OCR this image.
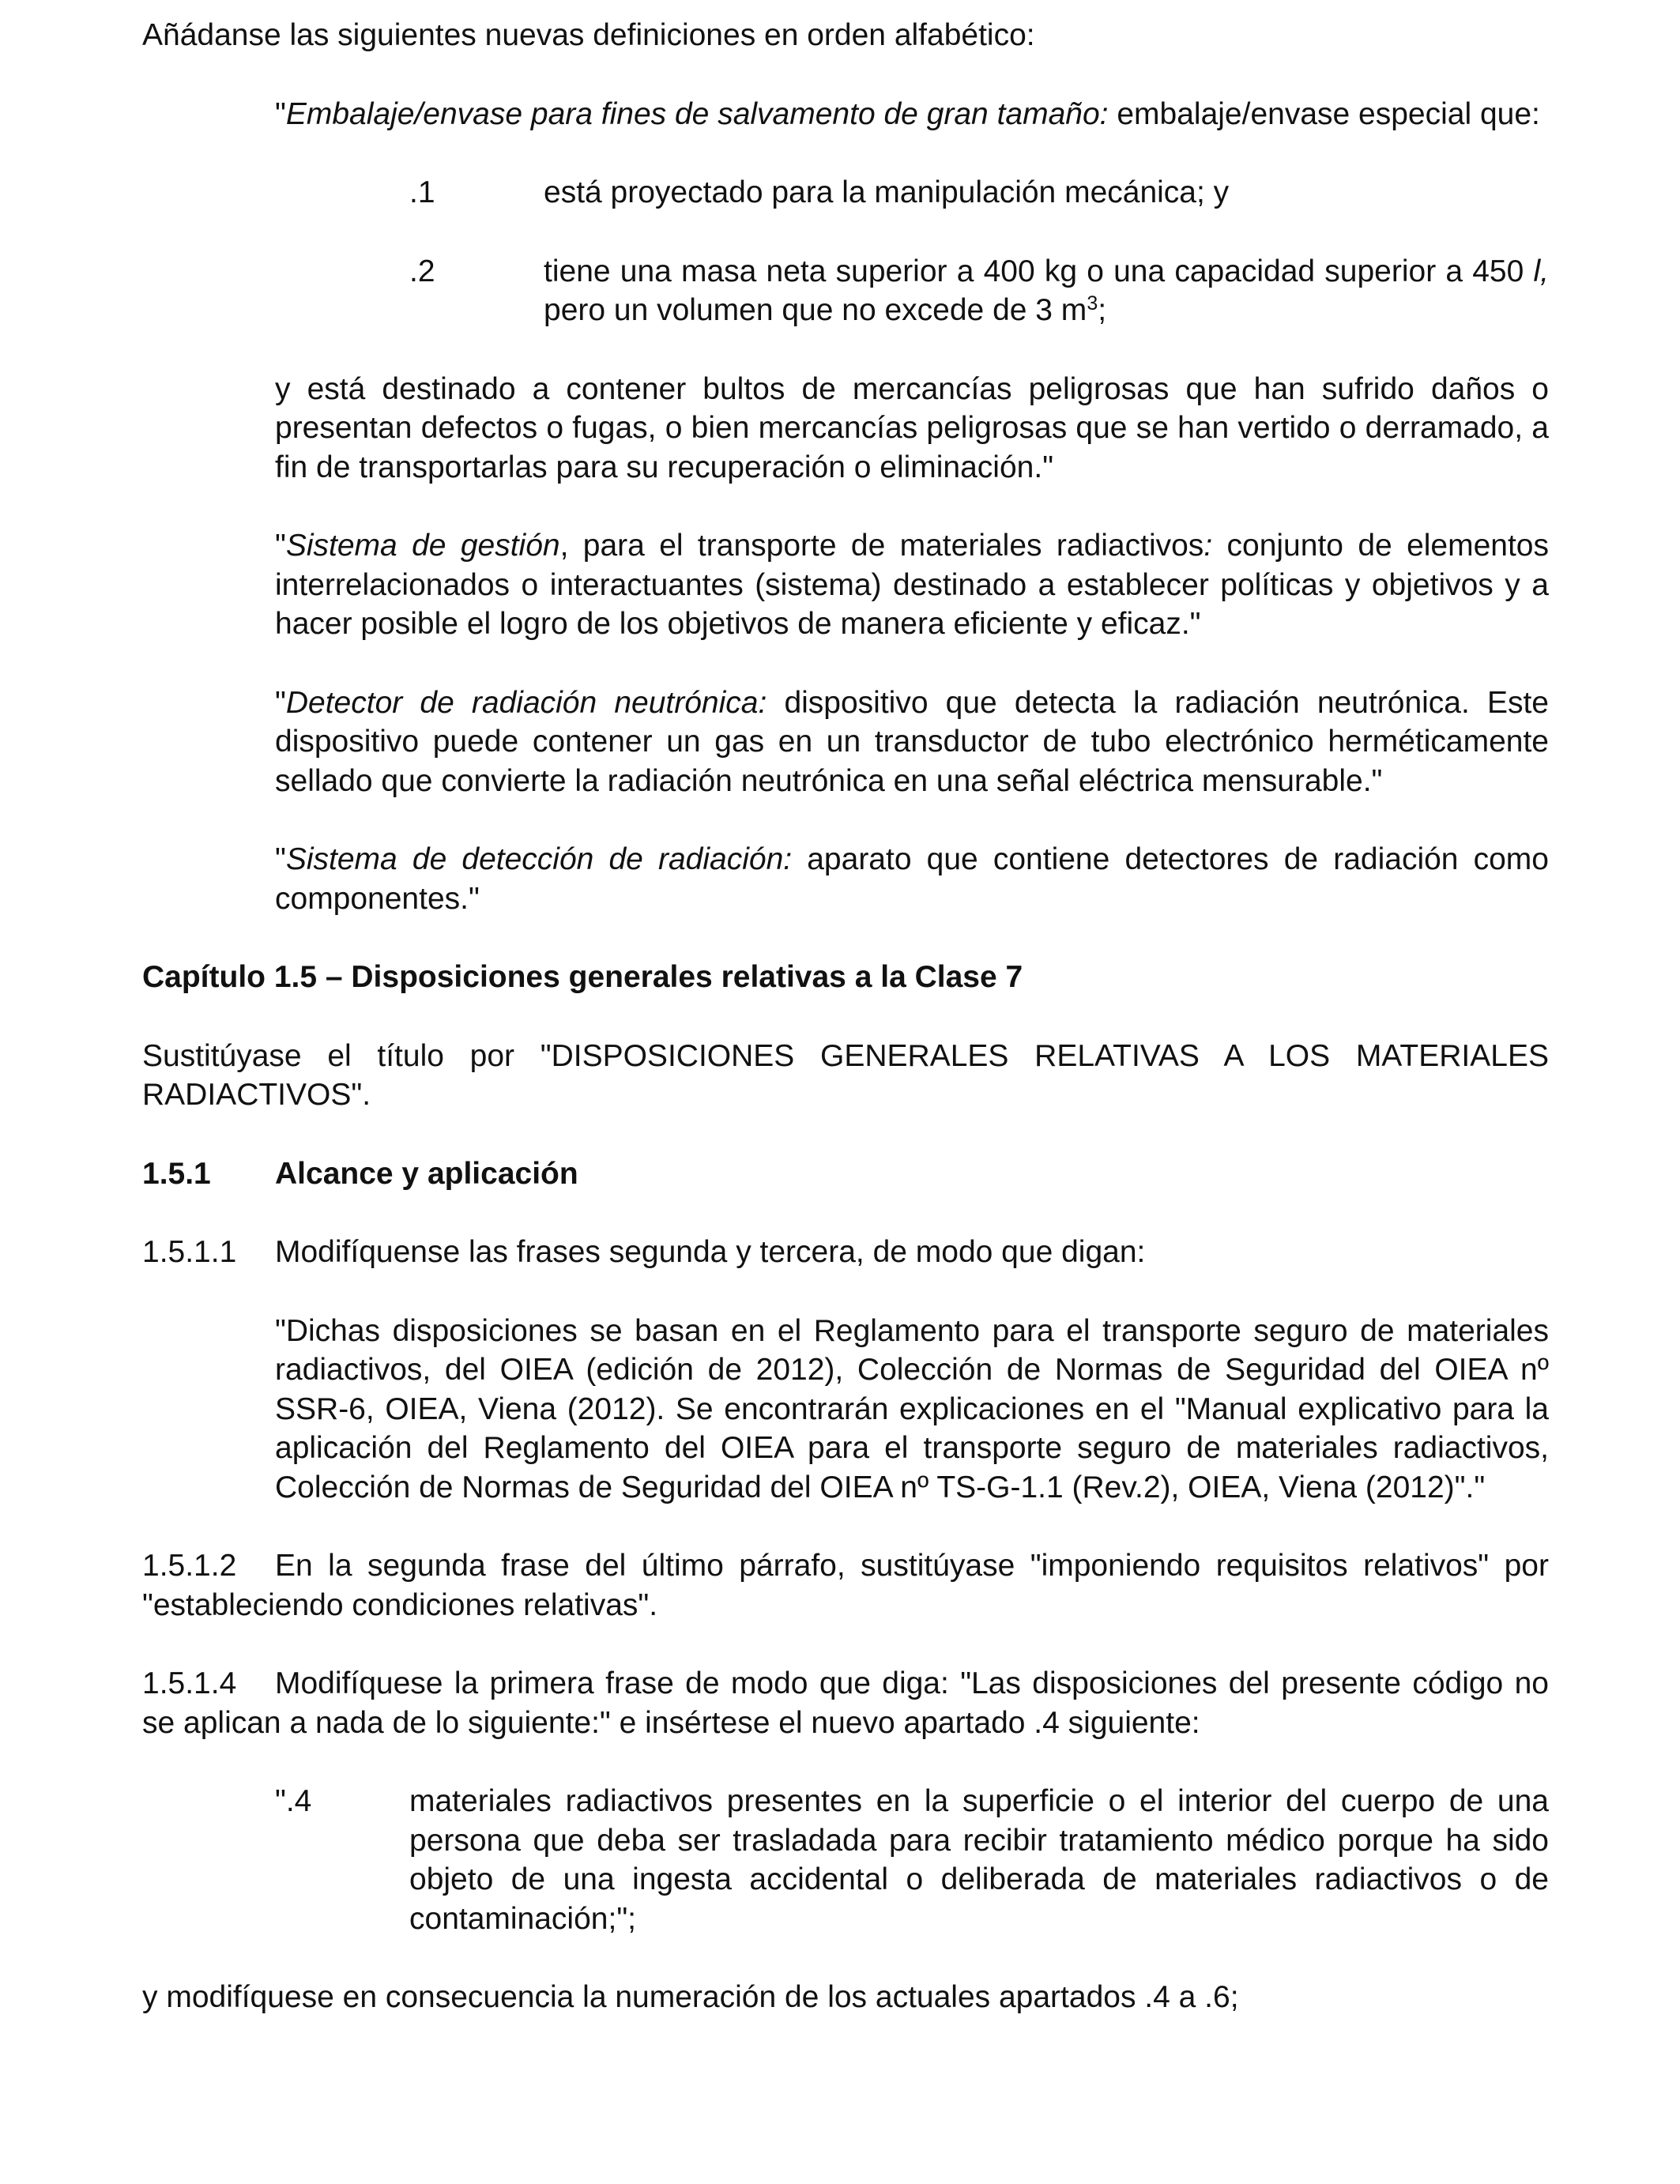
Añádanse las siguientes nuevas definiciones en orden alfabético:

"Embalaje/envase para fines de salvamento de gran tamaño: embalaje/envase especial que:

.1	está proyectado para la manipulación mecánica; y
.2	tiene una masa neta superior a 400 kg o una capacidad superior a 450 l, pero un volumen que no excede de 3 $m^3$;

y está destinado a contener bultos de mercancías peligrosas que han sufrido daños o presentan defectos o fugas, o bien mercancías peligrosas que se han vertido o derramado, a fin de transportarlas para su recuperación o eliminación."

"Sistema de gestión, para el transporte de materiales radiactivos: conjunto de elementos interrelacionados o interactuantes (sistema) destinado a establecer políticas y objetivos y a hacer posible el logro de los objetivos de manera eficiente y eficaz."

"Detector de radiación neutrónica: dispositivo que detecta la radiación neutrónica. Este dispositivo puede contener un gas en un transductor de tubo electrónico herméticamente sellado que convierte la radiación neutrónica en una señal eléctrica mensurable."

"Sistema de detección de radiación: aparato que contiene detectores de radiación como componentes."

Capítulo 1.5 – Disposiciones generales relativas a la Clase 7

Sustitúyase el título por "DISPOSICIONES GENERALES RELATIVAS A LOS MATERIALES RADIACTIVOS".

1.5.1	Alcance y aplicación
1.5.1.1	Modifíquense las frases segunda y tercera, de modo que digan:

"Dichas disposiciones se basan en el Reglamento para el transporte seguro de materiales radiactivos, del OIEA (edición de 2012), Colección de Normas de Seguridad del OIEA nº SSR-6, OIEA, Viena (2012). Se encontrarán explicaciones en el "Manual explicativo para la aplicación del Reglamento del OIEA para el transporte seguro de materiales radiactivos, Colección de Normas de Seguridad del OIEA nº TS-G-1.1 (Rev.2), OIEA, Viena (2012)"."

1.5.1.2 En la segunda frase del último párrafo, sustitúyase "imponiendo requisitos relativos" por "estableciendo condiciones relativas".

1.5.1.4 Modifíquese la primera frase de modo que diga: "Las disposiciones del presente código no se aplican a nada de lo siguiente:" e insértese el nuevo apartado .4 siguiente:

".4	materiales radiactivos presentes en la superficie o el interior del cuerpo de una persona que deba ser trasladada para recibir tratamiento médico porque ha sido objeto de una ingesta accidental o deliberada de materiales radiactivos o de contaminación;";

y modifíquese en consecuencia la numeración de los actuales apartados .4 a .6;
